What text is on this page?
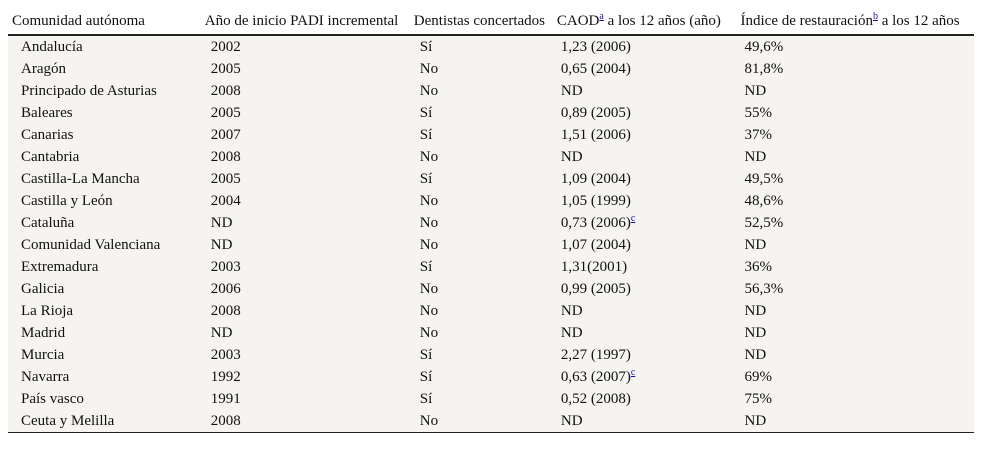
Comunidad autónoma	Año de inicio PADI incremental	Dentistas concertados	CAOD$^a$ a los 12 años (año)	Índice de restauración$^b$ a los 12 años
Andalucía	2002	Sí	1,23 (2006)	49,6%
Aragón	2005	No	0,65 (2004)	81,8%
Principado de Asturias	2008	No	ND	ND
Baleares	2005	Sí	0,89 (2005)	55%
Canarias	2007	Sí	1,51 (2006)	37%
Cantabria	2008	No	ND	ND
Castilla-La Mancha	2005	Sí	1,09 (2004)	49,5%
Castilla y León	2004	No	1,05 (1999)	48,6%
Cataluña	ND	No	0,73 (2006)$^c$	52,5%
Comunidad Valenciana	ND	No	1,07 (2004)	ND
Extremadura	2003	Sí	1,31(2001)	36%
Galicia	2006	No	0,99 (2005)	56,3%
La Rioja	2008	No	ND	ND
Madrid	ND	No	ND	ND
Murcia	2003	Sí	2,27 (1997)	ND
Navarra	1992	Sí	0,63 (2007)$^c$	69%
País vasco	1991	Sí	0,52 (2008)	75%
Ceuta y Melilla	2008	No	ND	ND
